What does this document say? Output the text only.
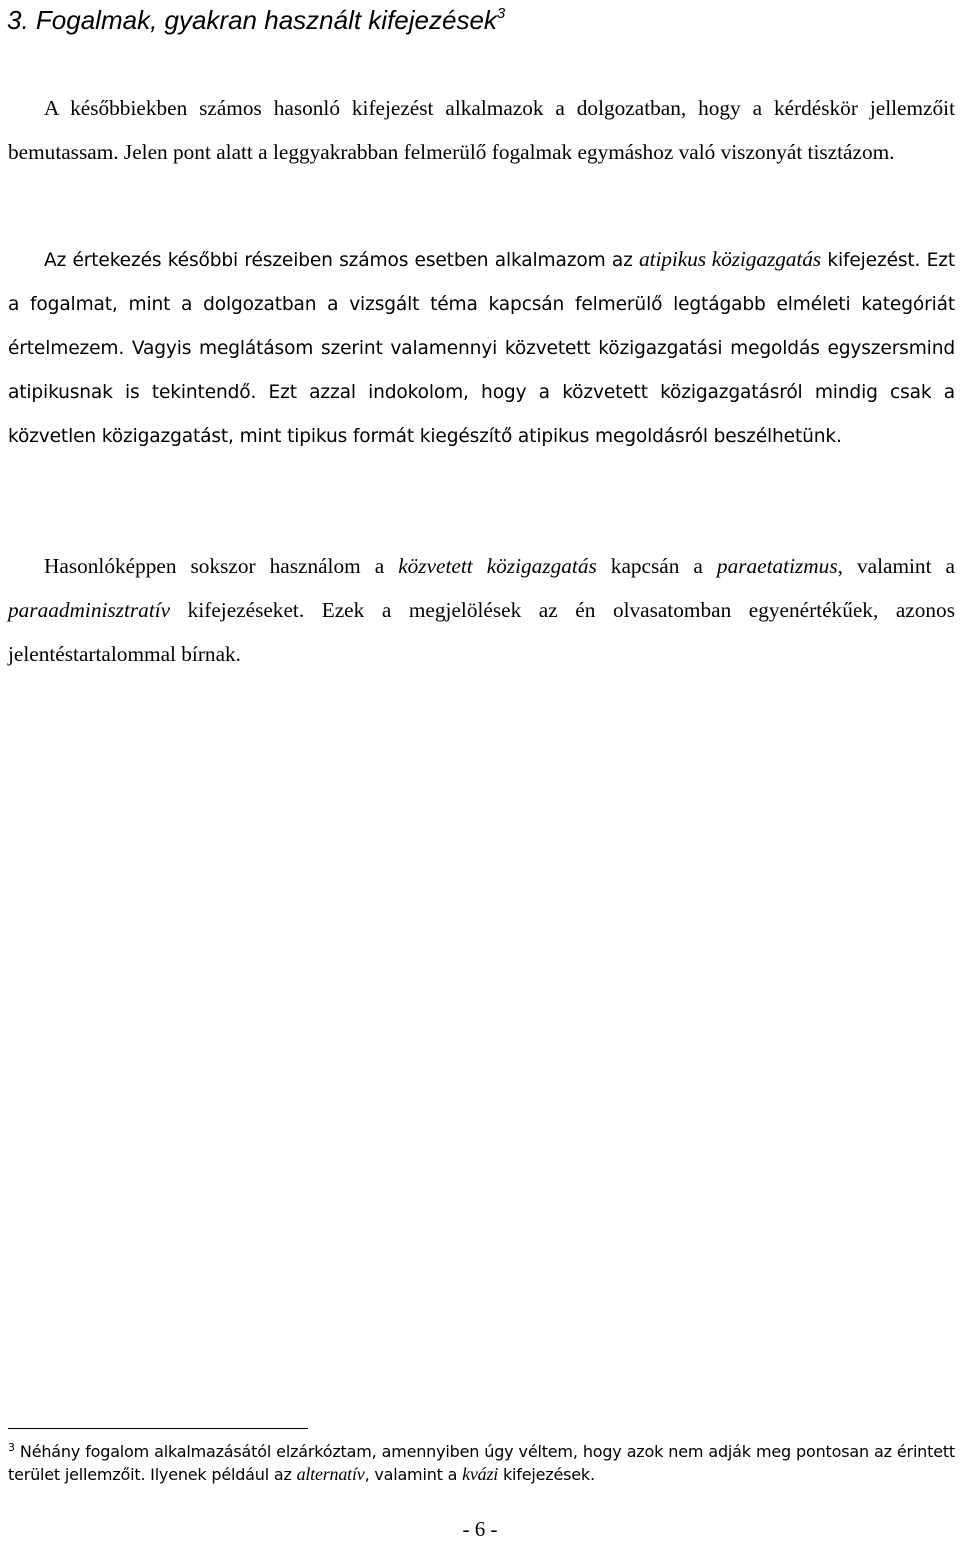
3. Fogalmak, gyakran használt kifejezések$^3$

A későbbiekben számos hasonló kifejezést alkalmazok a dolgozatban, hogy a kérdéskör jellemzőit bemutassam. Jelen pont alatt a leggyakrabban felmerülő fogalmak egymáshoz való viszonyát tisztázom.

Az értekezés későbbi részeiben számos esetben alkalmazom az atipikus közigazgatás kifejezést. Ezt a fogalmat, mint a dolgozatban a vizsgált téma kapcsán felmerülő legtágabb elméleti kategóriát értelmezem. Vagyis meglátásom szerint valamennyi közvetett közigazgatási megoldás egyszersmind atipikusnak is tekintendő. Ezt azzal indokolom, hogy a közvetett közigazgatásról mindig csak a közvetlen közigazgatást, mint tipikus formát kiegészítő atipikus megoldásról beszélhetünk.

Hasonlóképpen sokszor használom a közvetett közigazgatás kapcsán a paraetatizmus, valamint a paraadminisztratív kifejezéseket. Ezek a megjelölések az én olvasatomban egyenértékűek, azonos jelentéstartalommal bírnak.

$^3$ Néhány fogalom alkalmazásától elzárkóztam, amennyiben úgy véltem, hogy azok nem adják meg pontosan az érintett terület jellemzőit. Ilyenek például az alternatív, valamint a kvázi kifejezések.

- 6 -
